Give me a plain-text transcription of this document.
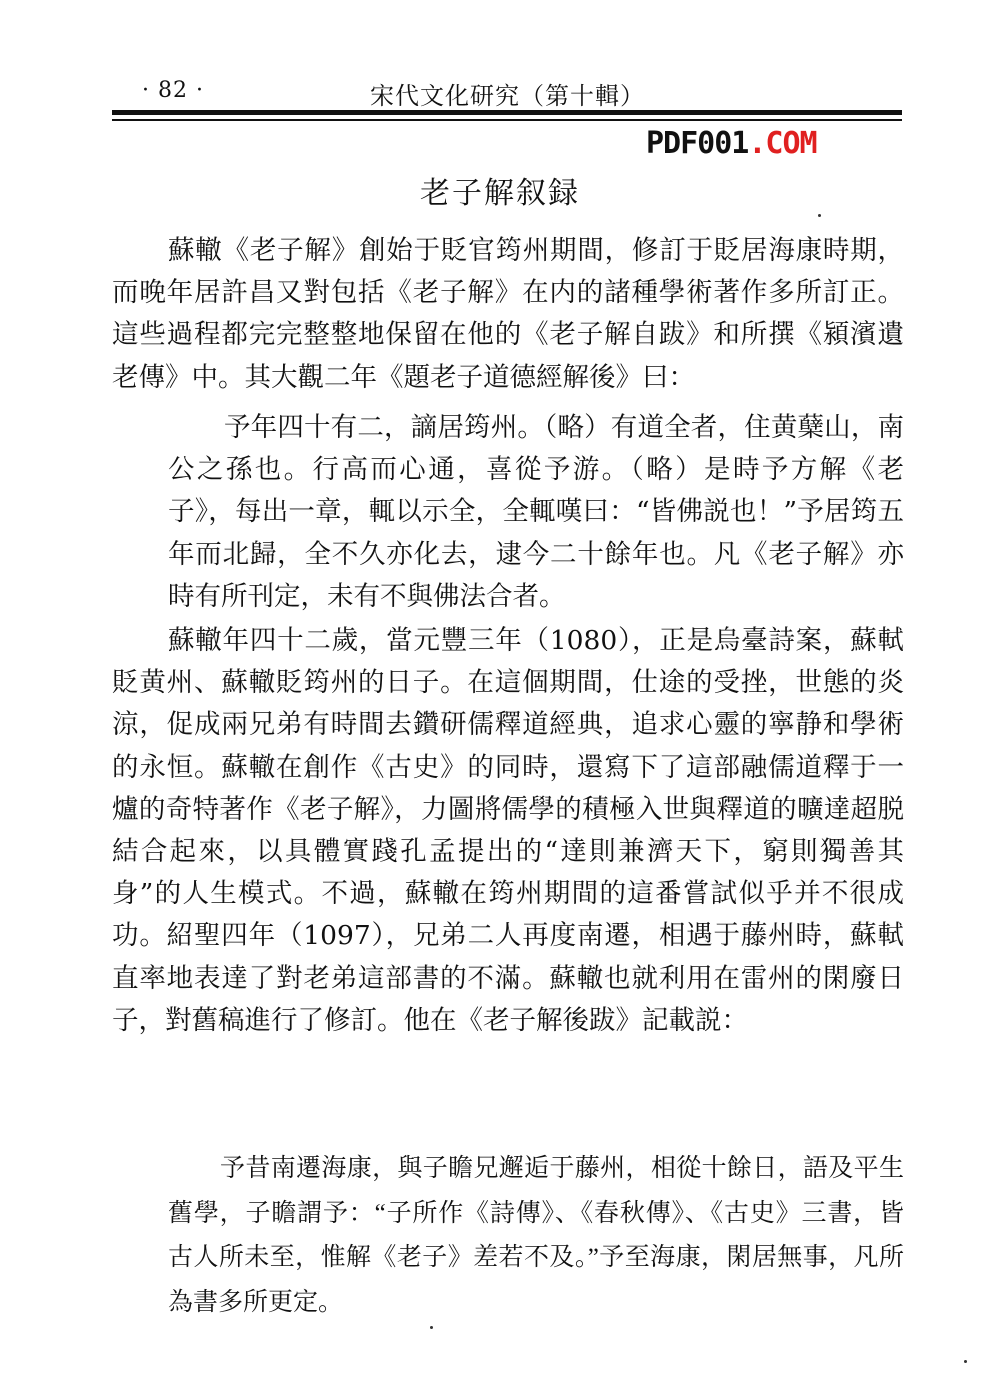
· 82 ·	宋代文化研究（第十輯）
PDF001.COM
老子解叙録

蘇轍《老子解》創始于貶官筠州期間，修訂于貶居海康時期，而晚年居許昌又對包括《老子解》在内的諸種學術著作多所訂正。這些過程都完完整整地保留在他的《老子解自跋》和所撰《潁濱遺老傳》中。其大觀二年《題老子道德經解後》曰：

予年四十有二，謫居筠州。（略）有道全者，住黄蘖山，南公之孫也。行高而心通，喜從予游。（略）是時予方解《老子》，每出一章，輒以示全，全輒嘆曰：“皆佛説也！”予居筠五年而北歸，全不久亦化去，逮今二十餘年也。凡《老子解》亦時有所刊定，未有不與佛法合者。

蘇轍年四十二歲，當元豐三年（1080），正是烏臺詩案，蘇軾貶黄州、蘇轍貶筠州的日子。在這個期間，仕途的受挫，世態的炎涼，促成兩兄弟有時間去鑽研儒釋道經典，追求心靈的寧静和學術的永恒。蘇轍在創作《古史》的同時，還寫下了這部融儒道釋于一爐的奇特著作《老子解》，力圖將儒學的積極入世與釋道的曠達超脱結合起來，以具體實踐孔孟提出的“達則兼濟天下，窮則獨善其身”的人生模式。不過，蘇轍在筠州期間的這番嘗試似乎并不很成功。紹聖四年（1097），兄弟二人再度南遷，相遇于藤州時，蘇軾直率地表達了對老弟這部書的不滿。蘇轍也就利用在雷州的閑廢日子，對舊稿進行了修訂。他在《老子解後跋》記載説：

予昔南遷海康，與子瞻兄邂逅于藤州，相從十餘日，語及平生舊學，子瞻謂予：“子所作《詩傳》、《春秋傳》、《古史》三書，皆古人所未至，惟解《老子》差若不及。”予至海康，閑居無事，凡所為書多所更定。
